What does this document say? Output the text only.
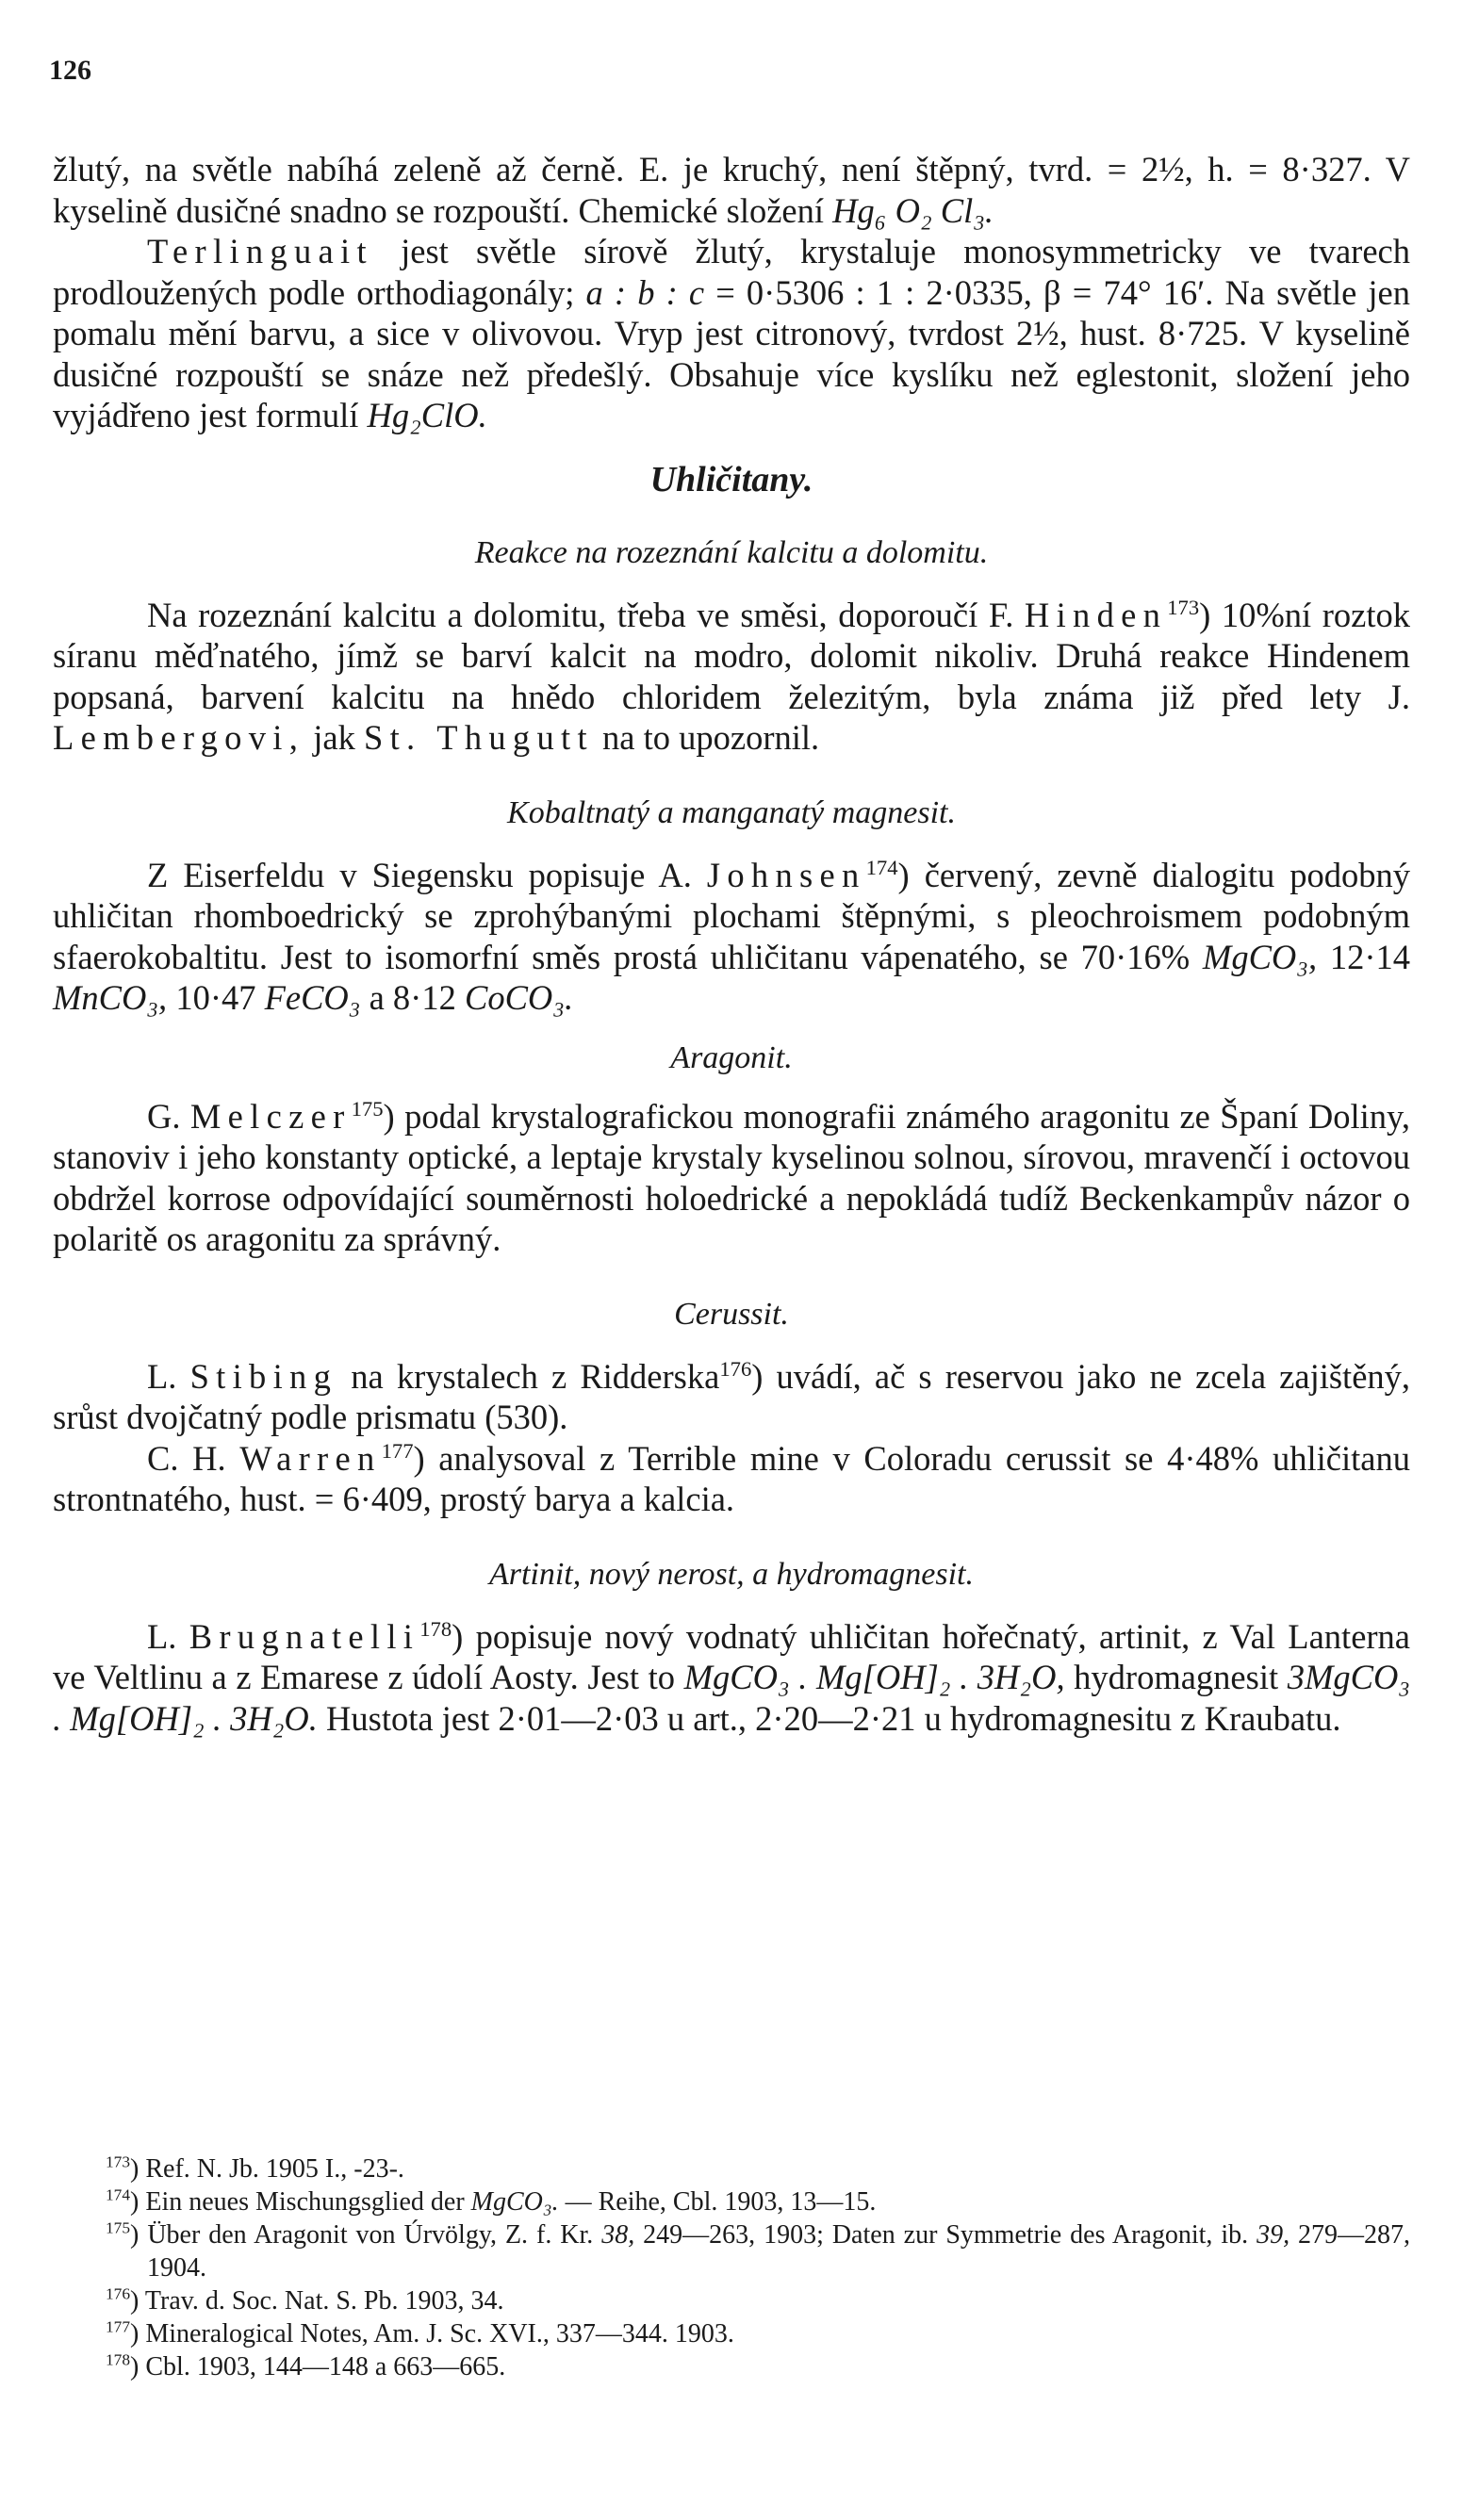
126

žlutý, na světle nabíhá zeleně až černě. E. je kruchý, není štěpný, tvrd. = 2½, h. = 8·327. V kyselině dusičné snadno se rozpouští. Chemické složení Hg₆ O₂ Cl₃.

Terlinguait jest světle sírově žlutý, krystaluje monosymmetricky ve tvarech prodloužených podle orthodiagonály; a : b : c = 0·5306 : 1 : 2·0335, β = 74° 16′. Na světle jen pomalu mění barvu, a sice v olivovou. Vryp jest citronový, tvrdost 2½, hust. 8·725. V kyselině dusičné rozpouští se snáze než předešlý. Obsahuje více kyslíku než eglestonit, složení jeho vyjádřeno jest formulí Hg₂ClO.

Uhličitany.
Reakce na rozeznání kalcitu a dolomitu.

Na rozeznání kalcitu a dolomitu, třeba ve směsi, doporoučí F. Hinden$^{173}$) 10%ní roztok síranu měďnatého, jímž se barví kalcit na modro, dolomit nikoliv. Druhá reakce Hindenem popsaná, barvení kalcitu na hnědo chloridem železitým, byla známa již před lety J. Lembergovi, jak St. Thugutt na to upozornil.

Kobaltnatý a manganatý magnesit.

Z Eiserfeldu v Siegensku popisuje A. Johnsen$^{174}$) červený, zevně dialogitu podobný uhličitan rhomboedrický se zprohýbanými plochami štěpnými, s pleochroismem podobným sfaerokobaltitu. Jest to isomorfní směs prostá uhličitanu vápenatého, se 70·16% MgCO₃, 12·14 MnCO₃, 10·47 FeCO₃ a 8·12 CoCO₃.

Aragonit.

G. Melczer$^{175}$) podal krystalografickou monografii známého aragonitu ze Španí Doliny, stanoviv i jeho konstanty optické, a leptaje krystaly kyselinou solnou, sírovou, mravenčí i octovou obdržel korrose odpovídající souměrnosti holoedrické a nepokládá tudíž Beckenkampův názor o polaritě os aragonitu za správný.

Cerussit.

L. Stibing na krystalech z Ridderska$^{176}$) uvádí, ač s reservou jako ne zcela zajištěný, srůst dvojčatný podle prismatu (530).

C. H. Warren$^{177}$) analysoval z Terrible mine v Coloradu cerussit se 4·48% uhličitanu strontnatého, hust. = 6·409, prostý barya a kalcia.

Artinit, nový nerost, a hydromagnesit.

L. Brugnatelli$^{178}$) popisuje nový vodnatý uhličitan hořečnatý, artinit, z Val Lanterna ve Veltlinu a z Emarese z údolí Aosty. Jest to MgCO₃ . Mg[OH]₂ . 3H₂O, hydromagnesit 3MgCO₃ . Mg[OH]₂ . 3H₂O. Hustota jest 2·01—2·03 u art., 2·20—2·21 u hydromagnesitu z Kraubatu.

$^{173}$) Ref. N. Jb. 1905 I., -23-.

$^{174}$) Ein neues Mischungsglied der MgCO₃. — Reihe, Cbl. 1903, 13—15.

$^{175}$) Über den Aragonit von Úrvölgy, Z. f. Kr. 38, 249—263, 1903; Daten zur Symmetrie des Aragonit, ib. 39, 279—287, 1904.

$^{176}$) Trav. d. Soc. Nat. S. Pb. 1903, 34.

$^{177}$) Mineralogical Notes, Am. J. Sc. XVI., 337—344. 1903.

$^{178}$) Cbl. 1903, 144—148 a 663—665.
